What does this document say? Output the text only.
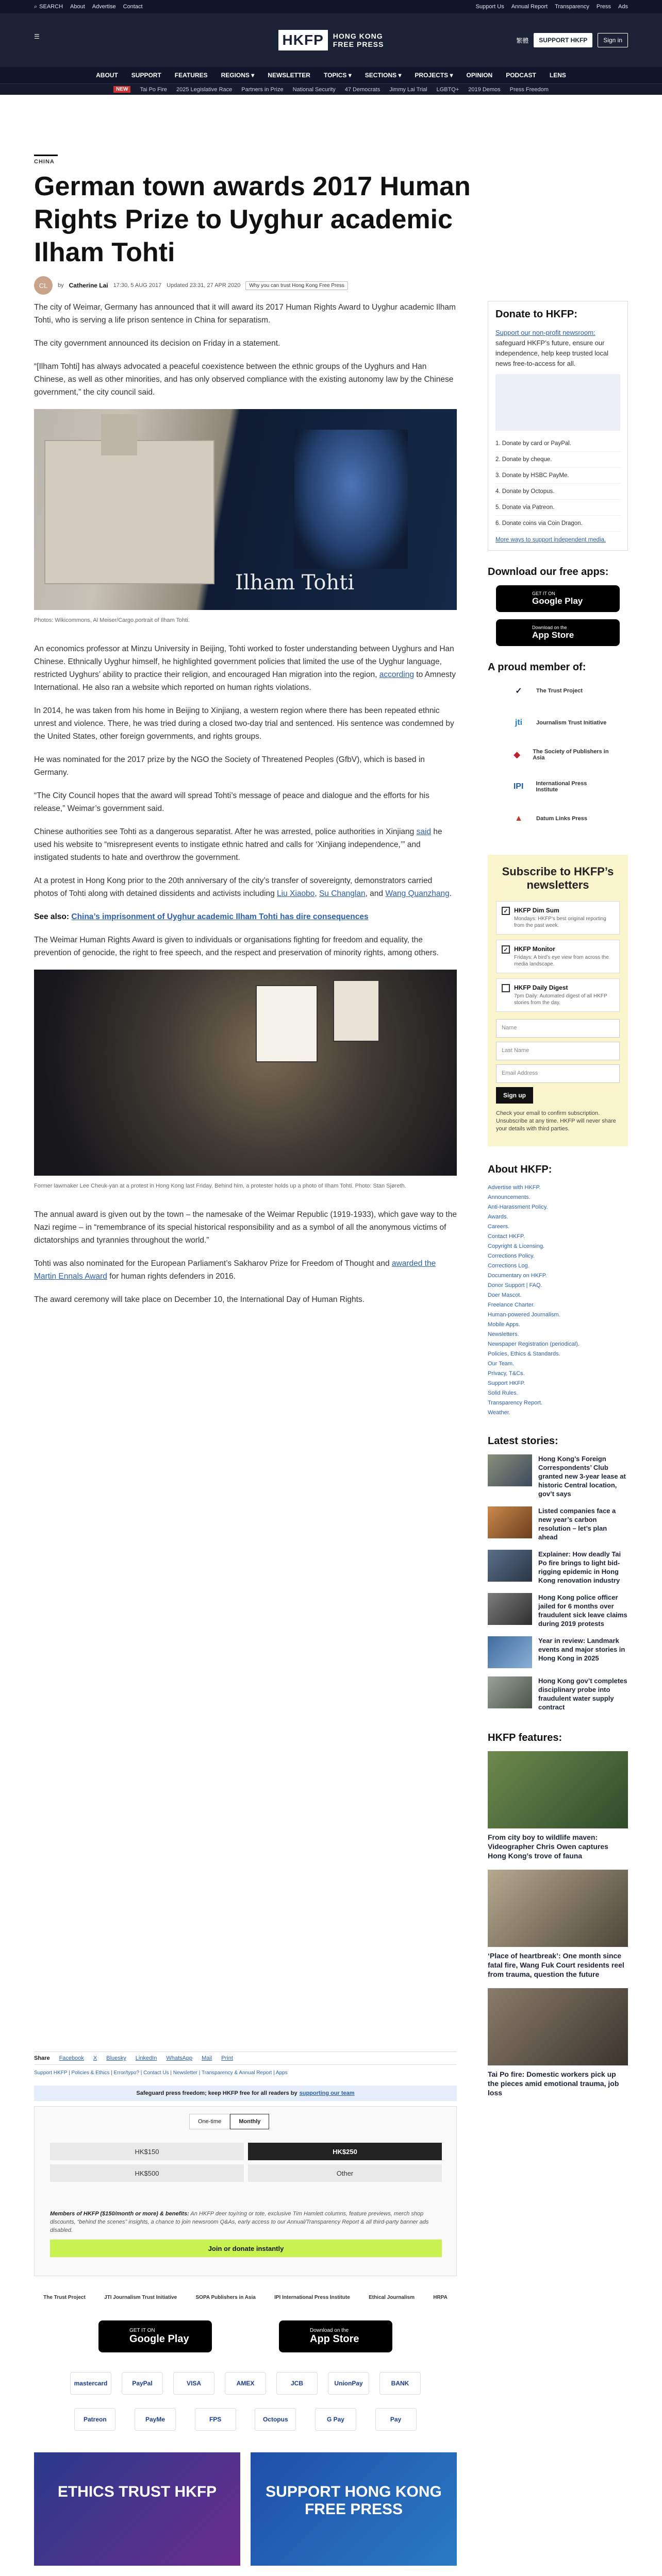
⌕ SEARCH About Advertise Contact	Support Us Annual Report Transparency Press Ads
☰	HKFP	HONG KONG
FREE PRESS	繁體	SUPPORT HKFP	Sign in
ABOUT SUPPORT FEATURES REGIONS ▾ NEWSLETTER TOPICS ▾ SECTIONS ▾ PROJECTS ▾ OPINION PODCAST LENS
NEW	Tai Po Fire 2025 Legislative Race Partners in Prize National Security 47 Democrats Jimmy Lai Trial LGBTQ+ 2019 Demos Press Freedom
CHINA
German town awards 2017 Human Rights Prize to Uyghur academic Ilham Tohti
CL	by Catherine Lai 17:30, 5 AUG 2017 Updated 23:31, 27 APR 2020	Why you can trust Hong Kong Free Press

The city of Weimar, Germany has announced that it will award its 2017 Human Rights Award to Uyghur academic Ilham Tohti, who is serving a life prison sentence in China for separatism.

The city government announced its decision on Friday in a statement.

“[Ilham Tohti] has always advocated a peaceful coexistence between the ethnic groups of the Uyghurs and Han Chinese, as well as other minorities, and has only observed compliance with the existing autonomy law by the Chinese government,” the city council said.

Ilham Tohti
Photos: Wikicommons, Al Meiser/Cargo.portrait of Ilham Tohti.

An economics professor at Minzu University in Beijing, Tohti worked to foster understanding between Uyghurs and Han Chinese. Ethnically Uyghur himself, he highlighted government policies that limited the use of the Uyghur language, restricted Uyghurs’ ability to practice their religion, and encouraged Han migration into the region, according to Amnesty International. He also ran a website which reported on human rights violations.

In 2014, he was taken from his home in Beijing to Xinjiang, a western region where there has been repeated ethnic unrest and violence. There, he was tried during a closed two-day trial and sentenced. His sentence was condemned by the United States, other foreign governments, and rights groups.

He was nominated for the 2017 prize by the NGO the Society of Threatened Peoples (GfbV), which is based in Germany.

“The City Council hopes that the award will spread Tohti’s message of peace and dialogue and the efforts for his release,” Weimar’s government said.

Chinese authorities see Tohti as a dangerous separatist. After he was arrested, police authorities in Xinjiang said he used his website to “misrepresent events to instigate ethnic hatred and calls for ‘Xinjiang independence,’” and instigated students to hate and overthrow the government.

At a protest in Hong Kong prior to the 20th anniversary of the city’s transfer of sovereignty, demonstrators carried photos of Tohti along with detained dissidents and activists including Liu Xiaobo, Su Changlan, and Wang Quanzhang.

See also: China’s imprisonment of Uyghur academic Ilham Tohti has dire consequences

The Weimar Human Rights Award is given to individuals or organisations fighting for freedom and equality, the prevention of genocide, the right to free speech, and the respect and preservation of minority rights, among others.

Former lawmaker Lee Cheuk-yan at a protest in Hong Kong last Friday. Behind him, a protester holds up a photo of Ilham Tohti. Photo: Stan Sjøreth.

The annual award is given out by the town – the namesake of the Weimar Republic (1919-1933), which gave way to the Nazi regime – in “remembrance of its special historical responsibility and as a symbol of all the anonymous victims of dictatorships and tyrannies throughout the world.”

Tohti was also nominated for the European Parliament’s Sakharov Prize for Freedom of Thought and awarded the Martin Ennals Award for human rights defenders in 2016.

The award ceremony will take place on December 10, the International Day of Human Rights.

Share Facebook X Bluesky LinkedIn WhatsApp Mail Print
Support HKFP | Policies & Ethics | Error/typo? | Contact Us | Newsletter | Transparency & Annual Report | Apps
Safeguard press freedom; keep HKFP free for all readers by supporting our team
One-time	Monthly
HK$150	HK$250
HK$500	Other
Members of HKFP ($150/month or more) & benefits: An HKFP deer toy/ring or tote, exclusive Tim Hamlett columns, feature previews, merch shop discounts, “behind the scenes” insights, a chance to join newsroom Q&As, early access to our Annual/Transparency Report & all third-party banner ads disabled.
Join or donate instantly
The Trust Project	JTI Journalism Trust Initiative	SOPA Publishers in Asia	IPI International Press Institute	Ethical Journalism	HRPA
GET IT ON
Google Play
Download on the
App Store
mastercard	PayPal	VISA	AMEX	JCB	UnionPay	BANK
Patreon	PayMe	FPS	Octopus	G Pay	Pay
ETHICS TRUST HKFP	SUPPORT HONG KONG FREE PRESS
Donate to HKFP:
Support our non-profit newsroom: safeguard HKFP’s future, ensure our independence, help keep trusted local news free-to-access for all.
1. Donate by card or PayPal.
2. Donate by cheque.
3. Donate by HSBC PayMe.
4. Donate by Octopus.
5. Donate via Patreon.
6. Donate coins via Coin Dragon.
More ways to support independent media.
Download our free apps:
GET IT ON
Google Play
Download on the
App Store
A proud member of:
✓	The Trust Project
jti	Journalism Trust Initiative
◆	The Society of Publishers in Asia
IPI	International Press Institute
▲	Datum Links Press
Subscribe to HKFP’s newsletters
✓ HKFP Dim Sum
Mondays: HKFP’s best original reporting from the past week.
✓ HKFP Monitor
Fridays: A bird’s eye view from across the media landscape.
HKFP Daily Digest
7pm Daily: Automated digest of all HKFP stories from the day.
Name
Last Name
Email Address
Sign up
Check your email to confirm subscription. Unsubscribe at any time. HKFP will never share your details with third parties.
About HKFP:
Advertise with HKFP.
Announcements.
Anti-Harassment Policy.
Awards.
Careers.
Contact HKFP.
Copyright & Licensing.
Corrections Policy.
Corrections Log.
Documentary on HKFP.
Donor Support | FAQ.
Doer Mascot.
Freelance Charter.
Human-powered Journalism.
Mobile Apps.
Newsletters.
Newspaper Registration (periodical).
Policies, Ethics & Standards.
Our Team.
Privacy, T&Cs.
Support HKFP.
Solid Rules.
Transparency Report.
Weather.
Latest stories:
Hong Kong’s Foreign Correspondents’ Club granted new 3-year lease at historic Central location, gov’t says
Listed companies face a new year’s carbon resolution – let’s plan ahead
Explainer: How deadly Tai Po fire brings to light bid-rigging epidemic in Hong Kong renovation industry
Hong Kong police officer jailed for 6 months over fraudulent sick leave claims during 2019 protests
Year in review: Landmark events and major stories in Hong Kong in 2025
Hong Kong gov’t completes disciplinary probe into fraudulent water supply contract
HKFP features:
From city boy to wildlife maven: Videographer Chris Owen captures Hong Kong’s trove of fauna
‘Place of heartbreak’: One month since fatal fire, Wang Fuk Court residents reel from trauma, question the future
Tai Po fire: Domestic workers pick up the pieces amid emotional trauma, job loss
